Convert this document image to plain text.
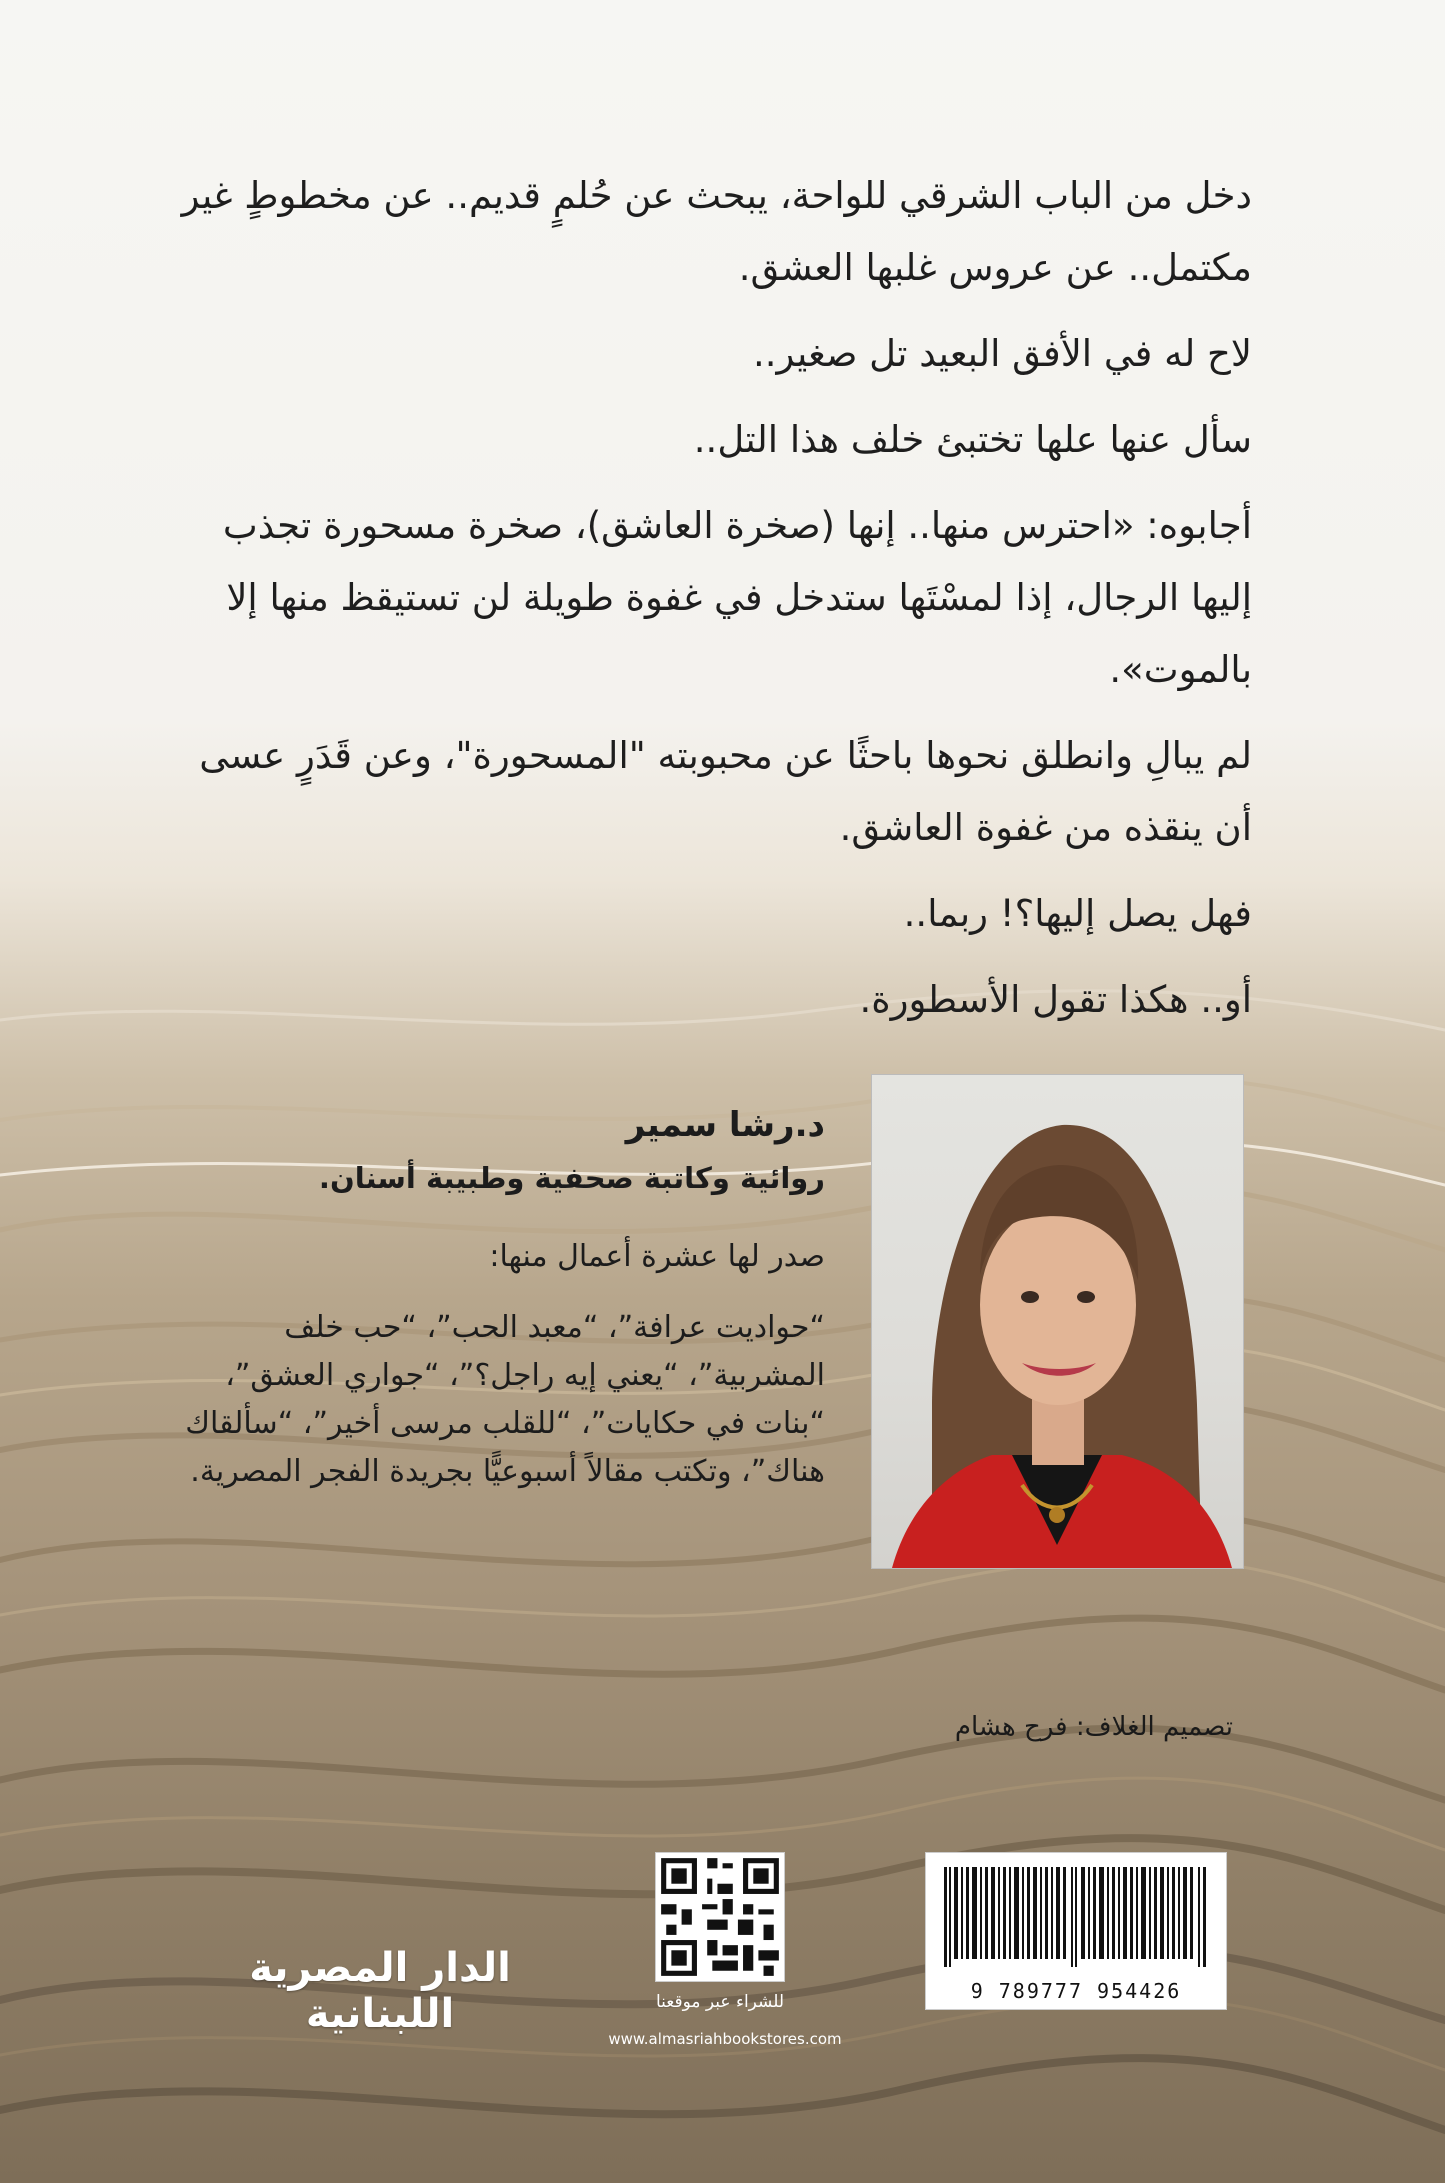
دخل من الباب الشرقي للواحة، يبحث عن حُلمٍ قديم.. عن مخطوطٍ غير مكتمل.. عن عروس غلبها العشق.

لاح له في الأفق البعيد تل صغير..

سأل عنها علها تختبئ خلف هذا التل..

أجابوه: «احترس منها.. إنها (صخرة العاشق)، صخرة مسحورة تجذب إليها الرجال، إذا لمسْتَها ستدخل في غفوة طويلة لن تستيقظ منها إلا بالموت».

لم يبالِ وانطلق نحوها باحثًا عن محبوبته "المسحورة"، وعن قَدَرٍ عسى أن ينقذه من غفوة العاشق.

فهل يصل إليها؟! ربما..

أو.. هكذا تقول الأسطورة.

د.رشا سمير

روائية وكاتبة صحفية وطبيبة أسنان.

صدر لها عشرة أعمال منها:

“حواديت عرافة”، “معبد الحب”، “حب خلف المشربية”، “يعني إيه راجل؟”، “جواري العشق”، “بنات في حكايات”، “للقلب مرسى أخير”، “سألقاك هناك”، وتكتب مقالاً أسبوعيًّا بجريدة الفجر المصرية.

تصميم الغلاف: فرح هشام
9 789777 954426
للشراء عبر موقعنا
www.almasriahbookstores.com
الدار المصرية اللبنانية
